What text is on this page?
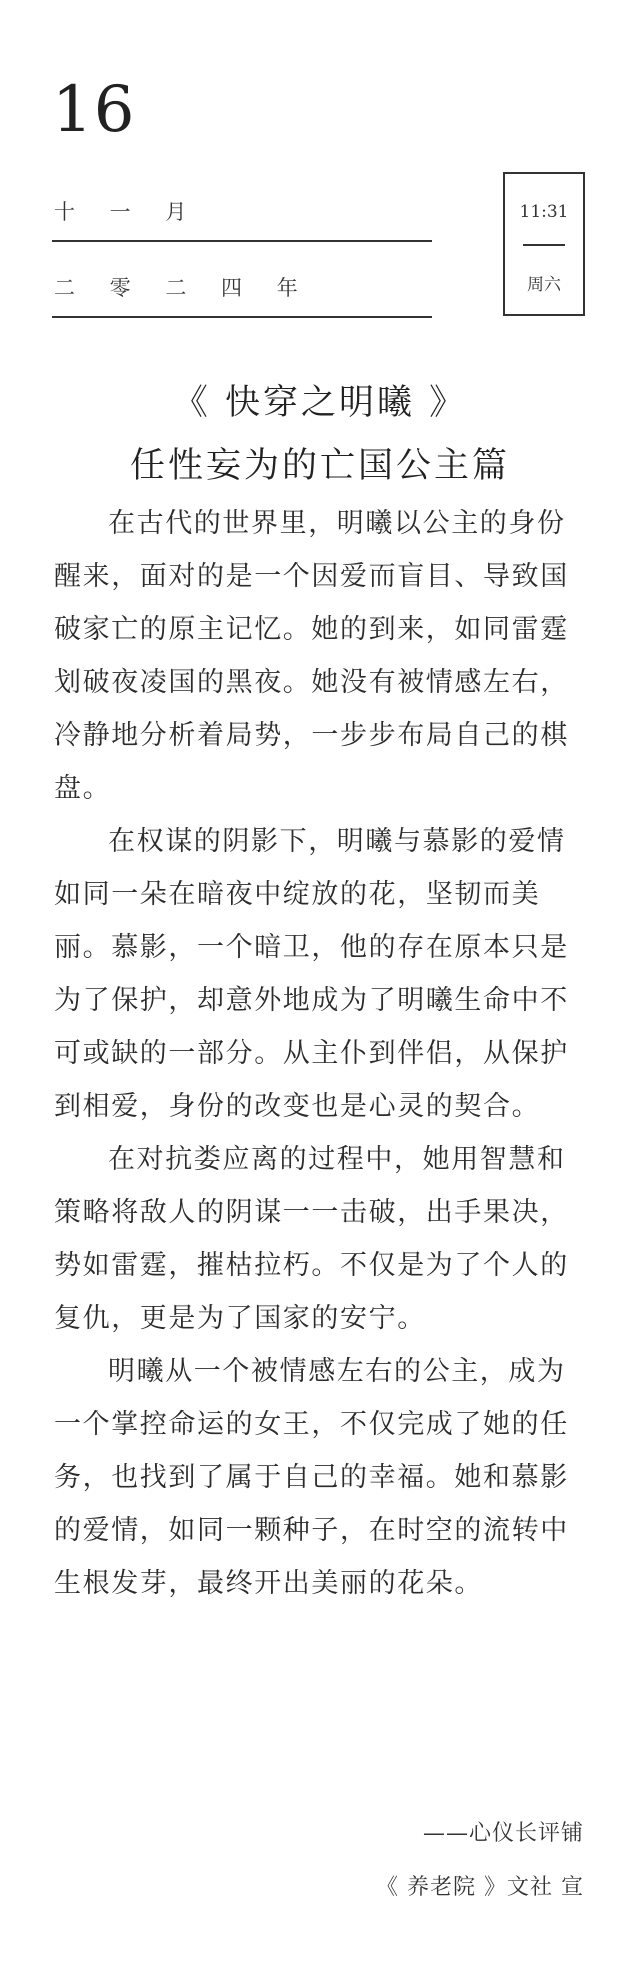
16
十 一 月
二 零 二 四 年
11:31
周六
《 快穿之明曦 》
任性妄为的亡国公主篇

在古代的世界里，明曦以公主的身份醒来，面对的是一个因爱而盲目、导致国破家亡的原主记忆。她的到来，如同雷霆划破夜凌国的黑夜。她没有被情感左右，冷静地分析着局势，一步步布局自己的棋盘。

在权谋的阴影下，明曦与慕影的爱情如同一朵在暗夜中绽放的花，坚韧而美丽。慕影，一个暗卫，他的存在原本只是为了保护，却意外地成为了明曦生命中不可或缺的一部分。从主仆到伴侣，从保护到相爱，身份的改变也是心灵的契合。

在对抗娄应离的过程中，她用智慧和策略将敌人的阴谋一一击破，出手果决，势如雷霆，摧枯拉朽。不仅是为了个人的复仇，更是为了国家的安宁。

明曦从一个被情感左右的公主，成为一个掌控命运的女王，不仅完成了她的任务，也找到了属于自己的幸福。她和慕影的爱情，如同一颗种子，在时空的流转中生根发芽，最终开出美丽的花朵。

——心仪长评铺
《 养老院 》文社 宣
